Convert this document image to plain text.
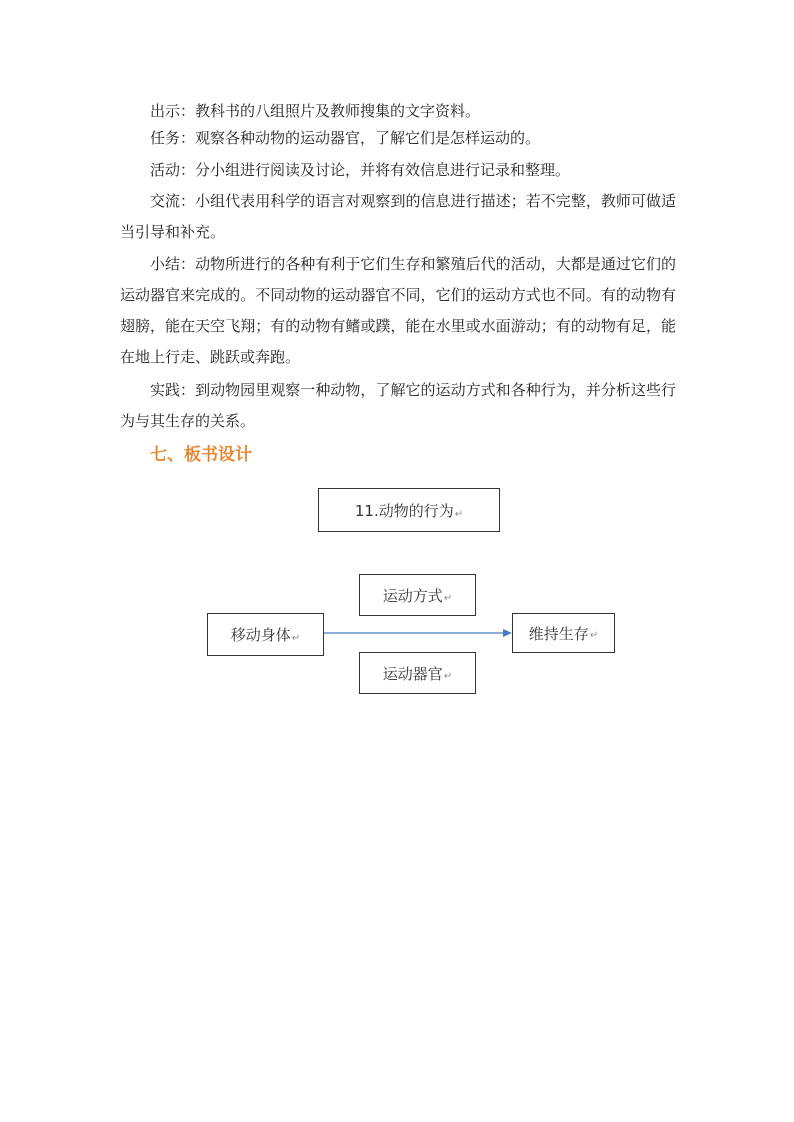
出示：教科书的八组照片及教师搜集的文字资料。

任务：观察各种动物的运动器官，了解它们是怎样运动的。

活动：分小组进行阅读及讨论，并将有效信息进行记录和整理。

交流：小组代表用科学的语言对观察到的信息进行描述；若不完整，教师可做适当引导和补充。

小结：动物所进行的各种有利于它们生存和繁殖后代的活动，大都是通过它们的运动器官来完成的。不同动物的运动器官不同，它们的运动方式也不同。有的动物有翅膀，能在天空飞翔；有的动物有鳍或蹼，能在水里或水面游动；有的动物有足，能在地上行走、跳跃或奔跑。

实践：到动物园里观察一种动物，了解它的运动方式和各种行为，并分析这些行为与其生存的关系。

七、板书设计
11.动物的行为 ↵
运动方式 ↵
移动身体 ↵	维持生存 ↵
运动器官 ↵
